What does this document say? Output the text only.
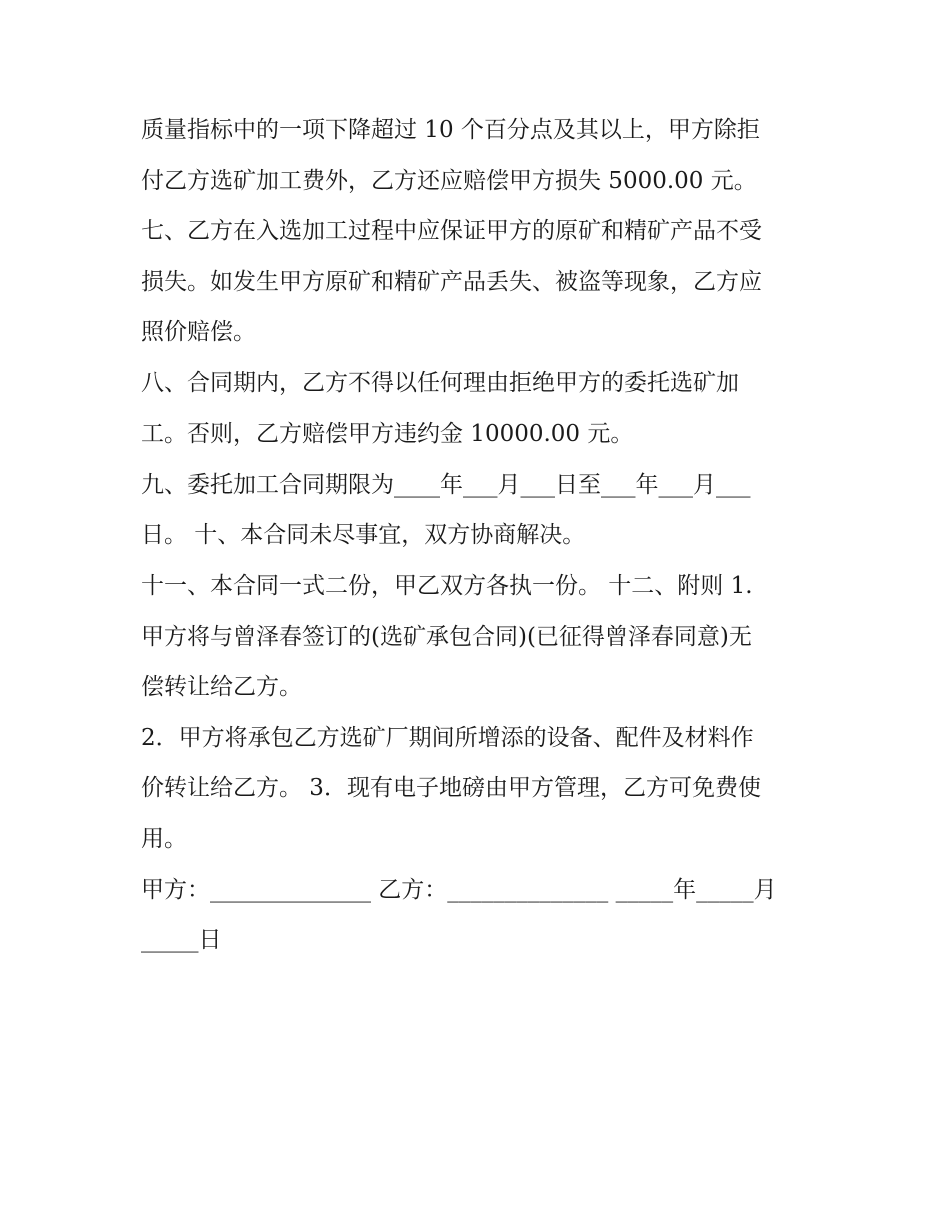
质量指标中的一项下降超过 10 个百分点及其以上，甲方除拒
付乙方选矿加工费外，乙方还应赔偿甲方损失 5000.00 元。
七、乙方在入选加工过程中应保证甲方的原矿和精矿产品不受
损失。如发生甲方原矿和精矿产品丢失、被盗等现象，乙方应
照价赔偿。
八、合同期内，乙方不得以任何理由拒绝甲方的委托选矿加
工。否则，乙方赔偿甲方违约金 10000.00 元。
九、委托加工合同期限为____年___月___日至___年___月___
日。 十、本合同未尽事宜，双方协商解决。
十一、本合同一式二份，甲乙双方各执一份。 十二、附则 1.
甲方将与曾泽春签订的(选矿承包合同)(已征得曾泽春同意)无
偿转让给乙方。
2．甲方将承包乙方选矿厂期间所增添的设备、配件及材料作
价转让给乙方。 3．现有电子地磅由甲方管理，乙方可免费使
用。
甲方：______________ 乙方：______________ _____年_____月
_____日
